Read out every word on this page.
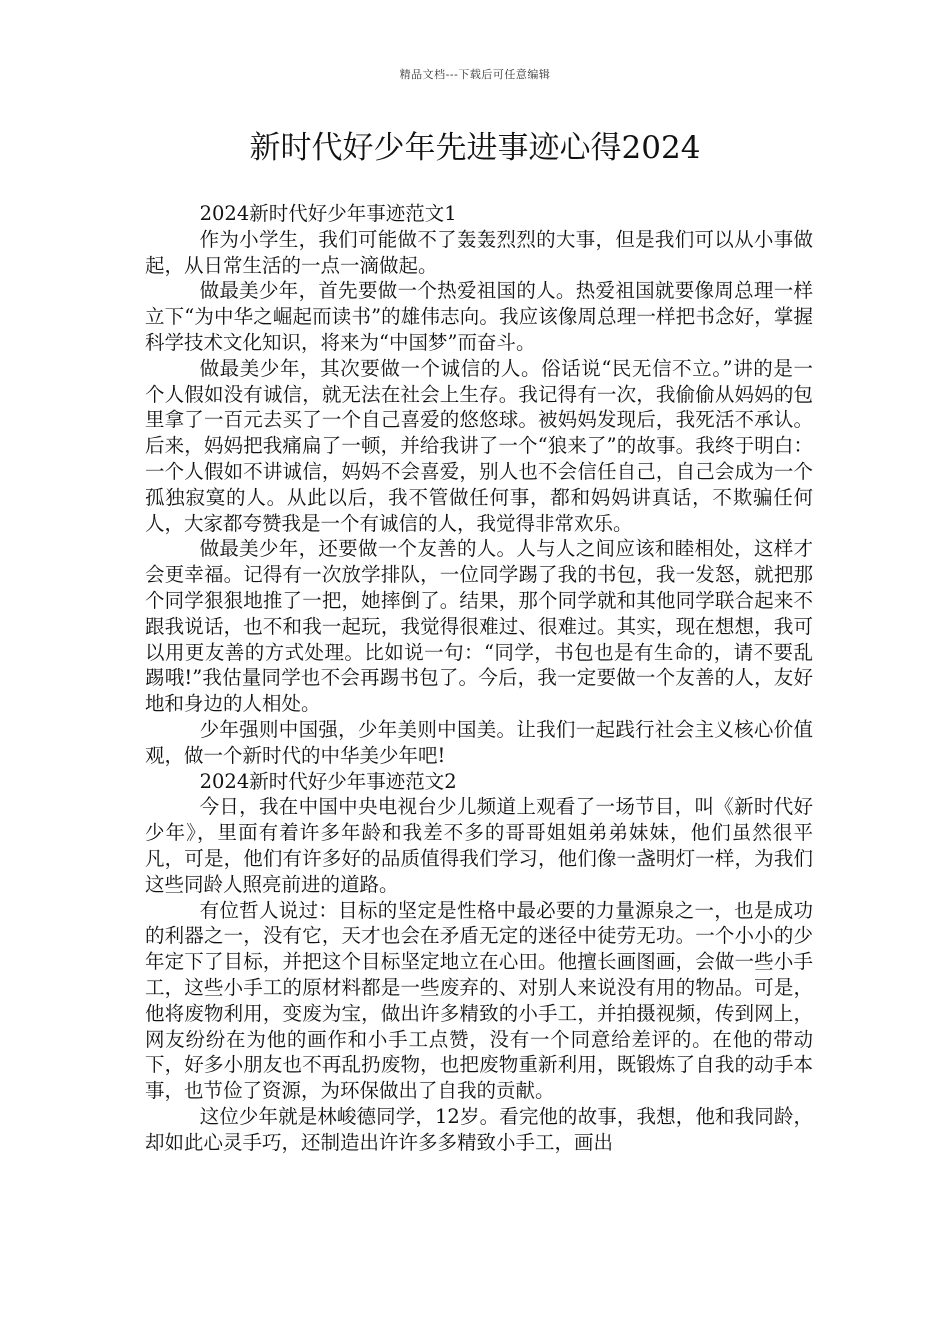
精品文档---下载后可任意编辑
新时代好少年先进事迹心得2024

2024新时代好少年事迹范文1

作为小学生，我们可能做不了轰轰烈烈的大事，但是我们可以从小事做起，从日常生活的一点一滴做起。

做最美少年，首先要做一个热爱祖国的人。热爱祖国就要像周总理一样立下“为中华之崛起而读书”的雄伟志向。我应该像周总理一样把书念好，掌握科学技术文化知识，将来为“中国梦”而奋斗。

做最美少年，其次要做一个诚信的人。俗话说“民无信不立。”讲的是一个人假如没有诚信，就无法在社会上生存。我记得有一次，我偷偷从妈妈的包里拿了一百元去买了一个自己喜爱的悠悠球。被妈妈发现后，我死活不承认。后来，妈妈把我痛扁了一顿，并给我讲了一个“狼来了”的故事。我终于明白：一个人假如不讲诚信，妈妈不会喜爱，别人也不会信任自己，自己会成为一个孤独寂寞的人。从此以后，我不管做任何事，都和妈妈讲真话，不欺骗任何人，大家都夸赞我是一个有诚信的人，我觉得非常欢乐。

做最美少年，还要做一个友善的人。人与人之间应该和睦相处，这样才会更幸福。记得有一次放学排队，一位同学踢了我的书包，我一发怒，就把那个同学狠狠地推了一把，她摔倒了。结果，那个同学就和其他同学联合起来不跟我说话，也不和我一起玩，我觉得很难过、很难过。其实，现在想想，我可以用更友善的方式处理。比如说一句：“同学，书包也是有生命的，请不要乱踢哦!”我估量同学也不会再踢书包了。今后，我一定要做一个友善的人，友好地和身边的人相处。

少年强则中国强，少年美则中国美。让我们一起践行社会主义核心价值观，做一个新时代的中华美少年吧!

2024新时代好少年事迹范文2

今日，我在中国中央电视台少儿频道上观看了一场节目，叫《新时代好少年》，里面有着许多年龄和我差不多的哥哥姐姐弟弟妹妹，他们虽然很平凡，可是，他们有许多好的品质值得我们学习，他们像一盏明灯一样，为我们这些同龄人照亮前进的道路。

有位哲人说过：目标的坚定是性格中最必要的力量源泉之一，也是成功的利器之一，没有它，天才也会在矛盾无定的迷径中徒劳无功。一个小小的少年定下了目标，并把这个目标坚定地立在心田。他擅长画图画，会做一些小手工，这些小手工的原材料都是一些废弃的、对别人来说没有用的物品。可是，他将废物利用，变废为宝，做出许多精致的小手工，并拍摄视频，传到网上，网友纷纷在为他的画作和小手工点赞，没有一个同意给差评的。在他的带动下，好多小朋友也不再乱扔废物，也把废物重新利用，既锻炼了自我的动手本事，也节俭了资源，为环保做出了自我的贡献。

这位少年就是林峻德同学，12岁。看完他的故事，我想，他和我同龄，却如此心灵手巧，还制造出许许多多精致小手工，画出
